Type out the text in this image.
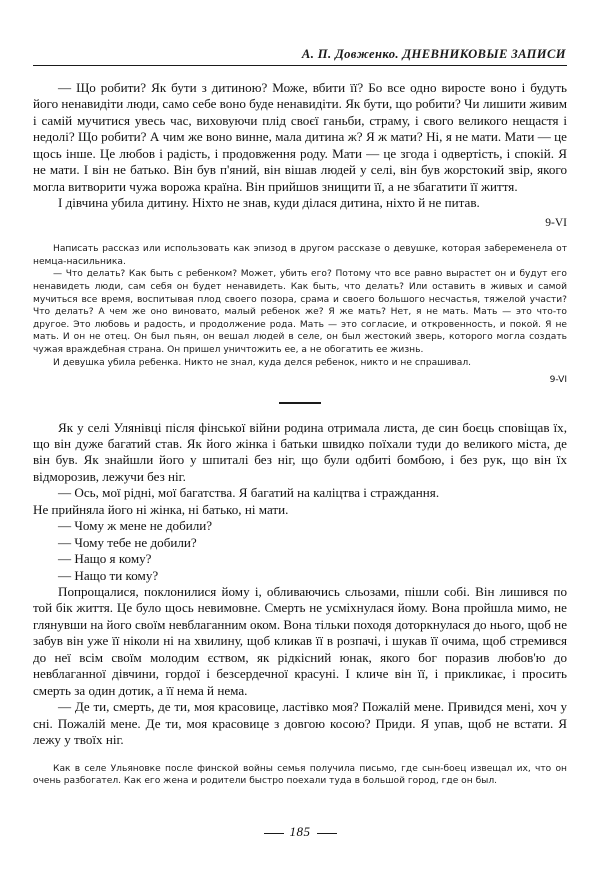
А. П. Довженко. ДНЕВНИКОВЫЕ ЗАПИСИ

— Що робити? Як бути з дитиною? Може, вбити її? Бо все одно виросте воно і будуть його ненавидіти люди, само себе воно буде ненавидіти. Як бути, що робити? Чи лишити живим і самій мучитися увесь час, виховуючи плід своєї ганьби, страму, і свого великого нещастя і недолі? Що робити? А чим же воно винне, мала дитина ж? Я ж мати? Ні, я не мати. Мати — це щось інше. Це любов і радість, і продовження роду. Мати — це згода і одвертість, і спокій. Я не мати. І він не батько. Він був п'яний, він вішав людей у селі, він був жорстокий звір, якого могла витворити чужа ворожа країна. Він прийшов знищити її, а не збагатити її життя.

І дівчина убила дитину. Ніхто не знав, куди ділася дитина, ніхто й не питав.

9-VI

Написать рассказ или использовать как эпизод в другом рассказе о девушке, которая забеременела от немца-насильника.

— Что делать? Как быть с ребенком? Может, убить его? Потому что все равно вырастет он и будут его ненавидеть люди, сам себя он будет ненавидеть. Как быть, что делать? Или оставить в живых и самой мучиться все время, воспитывая плод своего позора, срама и своего большого несчастья, тяжелой участи? Что делать? А чем же оно виновато, малый ребенок же? Я же мать? Нет, я не мать. Мать — это что-то другое. Это любовь и радость, и продолжение рода. Мать — это согласие, и откровенность, и покой. Я не мать. И он не отец. Он был пьян, он вешал людей в селе, он был жестокий зверь, которого могла создать чужая враждебная страна. Он пришел уничтожить ее, а не обогатить ее жизнь.

И девушка убила ребенка. Никто не знал, куда делся ребенок, никто и не спрашивал.

9-VI

Як у селі Улянівці після фінської війни родина отримала листа, де син боєць сповіщав їх, що він дуже багатий став. Як його жінка і батьки швидко поїхали туди до великого міста, де він був. Як знайшли його у шпиталі без ніг, що були одбиті бомбою, і без рук, що він їх відморозив, лежучи без ніг.

— Ось, мої рідні, мої багатства. Я багатий на каліцтва і страждання.

Не прийняла його ні жінка, ні батько, ні мати.

— Чому ж мене не добили?

— Чому тебе не добили?

— Нащо я кому?

— Нащо ти кому?

Попрощалися, поклонилися йому і, обливаючись сльозами, пішли собі. Він лишився по той бік життя. Це було щось невимовне. Смерть не усміхнулася йому. Вона пройшла мимо, не глянувши на його своїм невблаганним оком. Вона тільки походя доторкнулася до нього, щоб не забув він уже її ніколи ні на хвилину, щоб кликав її в розпачі, і шукав її очима, щоб стремився до неї всім своїм молодим єством, як рідкісний юнак, якого бог поразив любов'ю до невблаганної дівчини, гордої і безсердечної красуні. І кличе він її, і прикликає, і просить смерть за один дотик, а її нема й нема.

— Де ти, смерть, де ти, моя красовице, ластівко моя? Пожалій мене. Привидся мені, хоч у сні. Пожалій мене. Де ти, моя красовице з довгою косою? Приди. Я упав, щоб не встати. Я лежу у твоїх ніг.

Как в селе Ульяновке после финской войны семья получила письмо, где сын-боец извещал их, что он очень разбогател. Как его жена и родители быстро поехали туда в большой город, где он был.

185
